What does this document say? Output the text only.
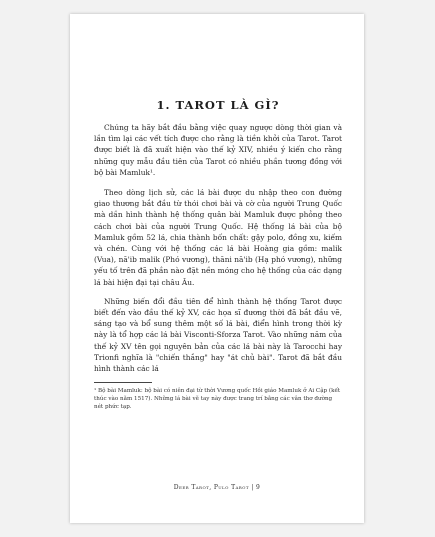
1. TAROT LÀ GÌ?

Chúng ta hãy bắt đầu bằng việc quay ngược dòng thời gian và lần tìm lại các vết tích được cho rằng là tiền khởi của Tarot. Tarot được biết là đã xuất hiện vào thế kỷ XIV, nhiều ý kiến cho rằng những quy mẫu đầu tiên của Tarot có nhiều phần tương đồng với bộ bài Mamluk¹.

Theo dòng lịch sử, các lá bài được du nhập theo con đường giao thương bắt đầu từ thói chơi bài và cờ của người Trung Quốc mà dần hình thành hệ thống quân bài Mamluk được phỏng theo cách chơi bài của người Trung Quốc. Hệ thống lá bài của bộ Mamluk gồm 52 lá, chia thành bốn chất: gậy polo, đồng xu, kiếm và chén. Cùng với hệ thống các lá bài Hoàng gia gồm: malik (Vua), nā'ib malik (Phó vương), thāni nā'ib (Hạ phó vương), những yếu tố trên đã phần nào đặt nền móng cho hệ thống của các dạng lá bài hiện đại tại châu Âu.

Những biến đổi đầu tiên để hình thành hệ thống Tarot được biết đến vào đầu thế kỷ XV, các họa sĩ đương thời đã bắt đầu vẽ, sáng tạo và bổ sung thêm một số lá bài, điển hình trong thời kỳ này là tổ hợp các lá bài Visconti-Sforza Tarot. Vào những năm của thế kỷ XV tên gọi nguyên bản của các lá bài này là Tarocchi hay Trionfi nghĩa là "chiến thắng" hay "át chủ bài". Tarot đã bắt đầu hình thành các lá

¹ Bộ bài Mamluk: bộ bài có niên đại từ thời Vương quốc Hồi giáo Mamluk ở Ai Cập (kết thúc vào năm 1517). Những lá bài vẽ tay này được trang trí bằng các vân thơ đường nét phức tạp.

Deer Tarot, Pulo Tarot | 9
